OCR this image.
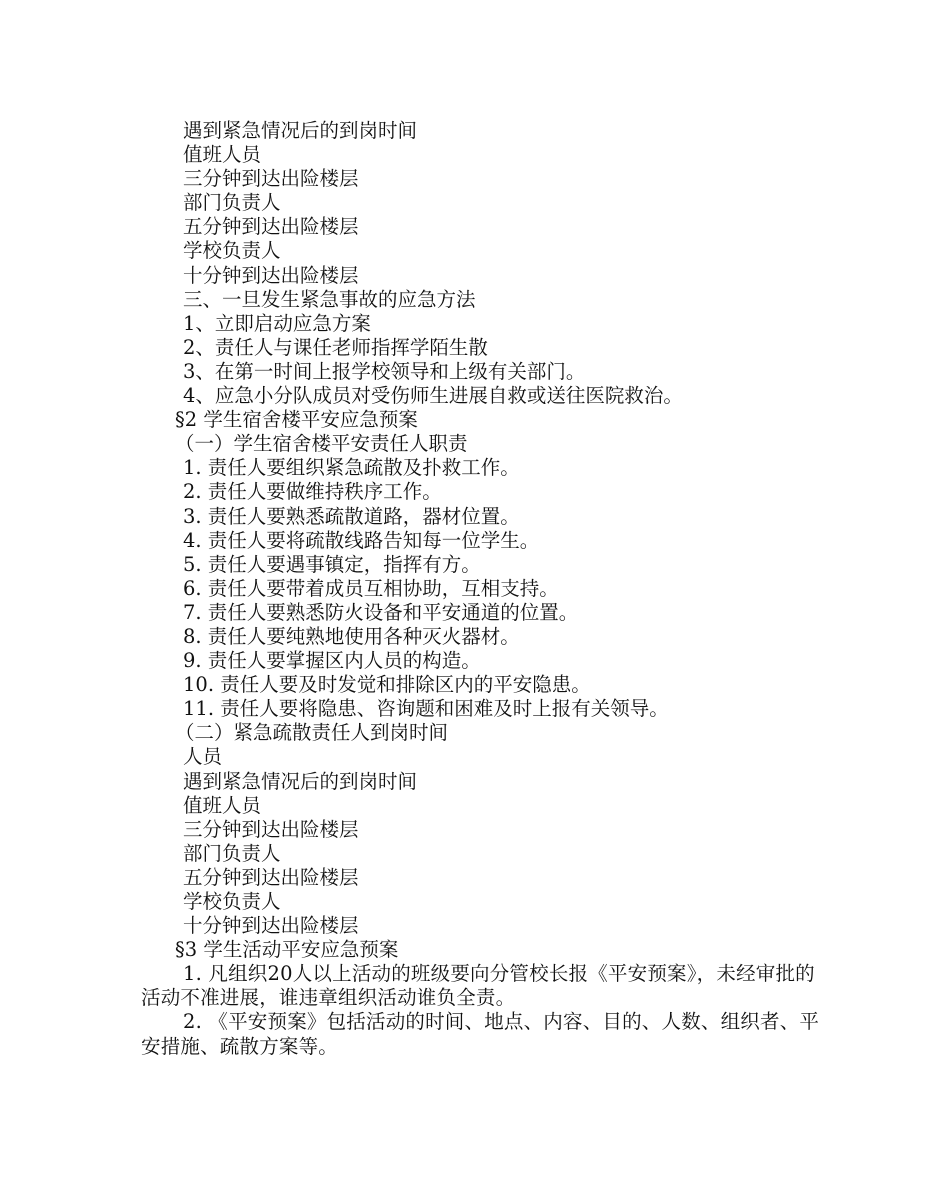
遇到紧急情况后的到岗时间
值班人员
三分钟到达出险楼层
部门负责人
五分钟到达出险楼层
学校负责人
十分钟到达出险楼层
三、一旦发生紧急事故的应急方法
1、立即启动应急方案
2、责任人与课任老师指挥学陌生散
3、在第一时间上报学校领导和上级有关部门。
4、应急小分队成员对受伤师生进展自救或送往医院救治。
§2 学生宿舍楼平安应急预案
（一）学生宿舍楼平安责任人职责
1. 责任人要组织紧急疏散及扑救工作。
2. 责任人要做维持秩序工作。
3. 责任人要熟悉疏散道路，器材位置。
4. 责任人要将疏散线路告知每一位学生。
5. 责任人要遇事镇定，指挥有方。
6. 责任人要带着成员互相协助，互相支持。
7. 责任人要熟悉防火设备和平安通道的位置。
8. 责任人要纯熟地使用各种灭火器材。
9. 责任人要掌握区内人员的构造。
10. 责任人要及时发觉和排除区内的平安隐患。
11. 责任人要将隐患、咨询题和困难及时上报有关领导。
（二）紧急疏散责任人到岗时间
人员
遇到紧急情况后的到岗时间
值班人员
三分钟到达出险楼层
部门负责人
五分钟到达出险楼层
学校负责人
十分钟到达出险楼层
§3 学生活动平安应急预案
1. 凡组织20人以上活动的班级要向分管校长报《平安预案》，未经审批的活动不准进展，谁违章组织活动谁负全责。
2. 《平安预案》包括活动的时间、地点、内容、目的、人数、组织者、平安措施、疏散方案等。
